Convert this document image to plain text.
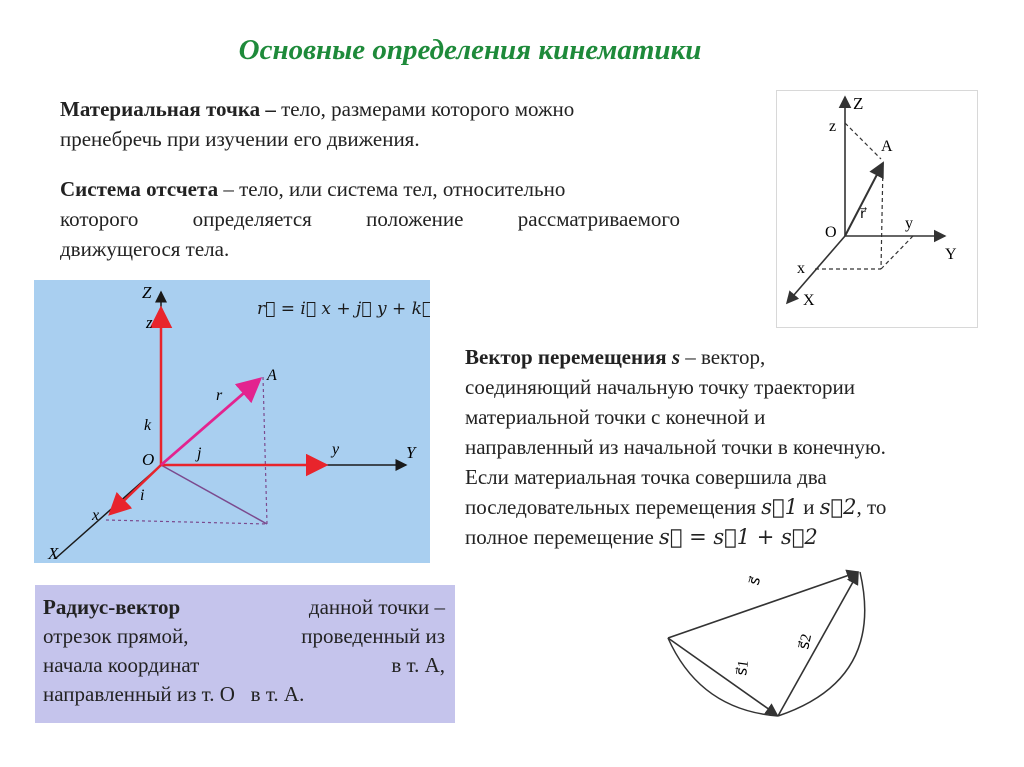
Основные определения кинематики
Материальная точка – тело, размерами которого можно
пренебречь при изучении его движения.
Система отсчета – тело, или система тел, относительно
которого определяется положение рассматриваемого
движущегося тела.
Z
z
A
r⃗
O
y
Y
x
X
r⃗ = i⃗ x + j⃗ y + k⃗ z
Z
z
A
r⃗
k⃗
j⃗	y	Y
O
i⃗
x
X
Вектор перемещения s – вектор,
соединяющий начальную точку траектории
материальной точки с конечной и
направленный из начальной точки в конечную.
Если материальная точка совершила два
последовательных перемещения s⃗1 и s⃗2, то
полное перемещение s⃗ = s⃗1 + s⃗2
Радиус-вектор	данной точки –
отрезок прямой,	проведенный из
начала координат	в т. А,
направленный из т. О   в т. А.
s⃗
s⃗1
s⃗2
